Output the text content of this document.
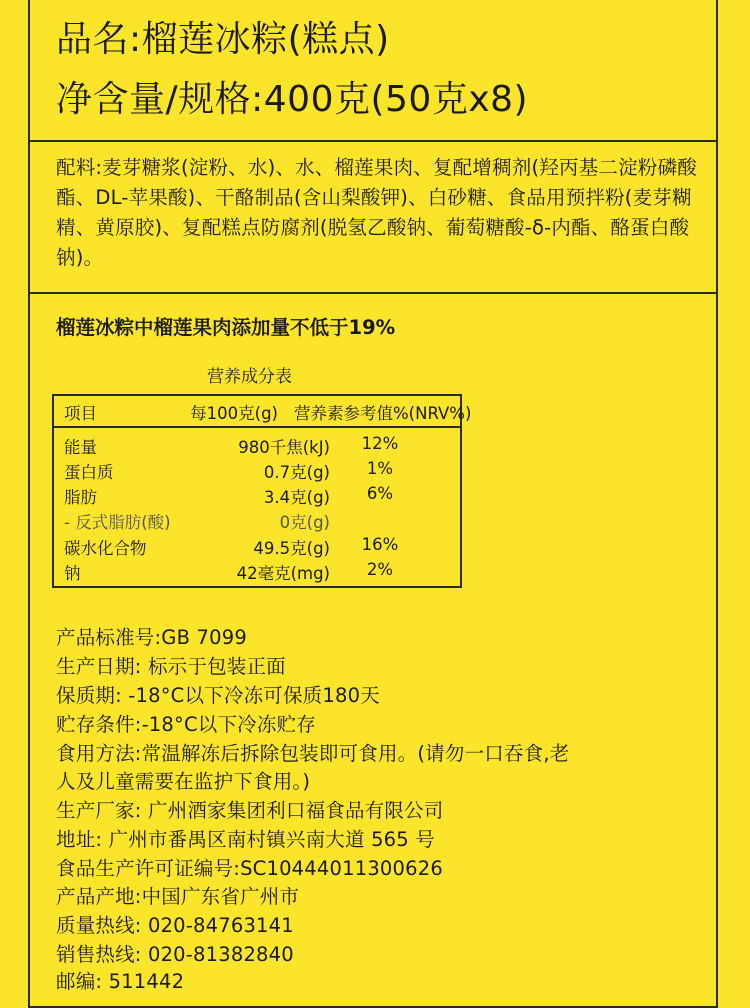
品名:榴莲冰粽(糕点)
净含量/规格:400克(50克x8)
配料:麦芽糖浆(淀粉、水)、水、榴莲果肉、复配增稠剂(羟丙基二淀粉磷酸酯、DL-苹果酸)、干酪制品(含山梨酸钾)、白砂糖、食品用预拌粉(麦芽糊精、黄原胶)、复配糕点防腐剂(脱氢乙酸钠、葡萄糖酸-δ-内酯、酪蛋白酸钠)。
榴莲冰粽中榴莲果肉添加量不低于19%
营养成分表
项目	每100克(g) 营养素参考值%(NRV%)
能量	980千焦(kJ)	12%
蛋白质	0.7克(g)	1%
脂肪	3.4克(g)	6%
- 反式脂肪(酸)	0克(g)
碳水化合物	49.5克(g)	16%
钠	42毫克(mg)	2%
产品标准号:GB 7099
生产日期: 标示于包装正面
保质期: -18°C以下冷冻可保质180天
贮存条件:-18°C以下冷冻贮存
食用方法:常温解冻后拆除包装即可食用。(请勿一口吞食,老
人及儿童需要在监护下食用。)
生产厂家: 广州酒家集团利口福食品有限公司
地址: 广州市番禺区南村镇兴南大道 565 号
食品生产许可证编号:SC10444011300626
产品产地:中国广东省广州市
质量热线: 020-84763141
销售热线: 020-81382840
邮编: 511442
